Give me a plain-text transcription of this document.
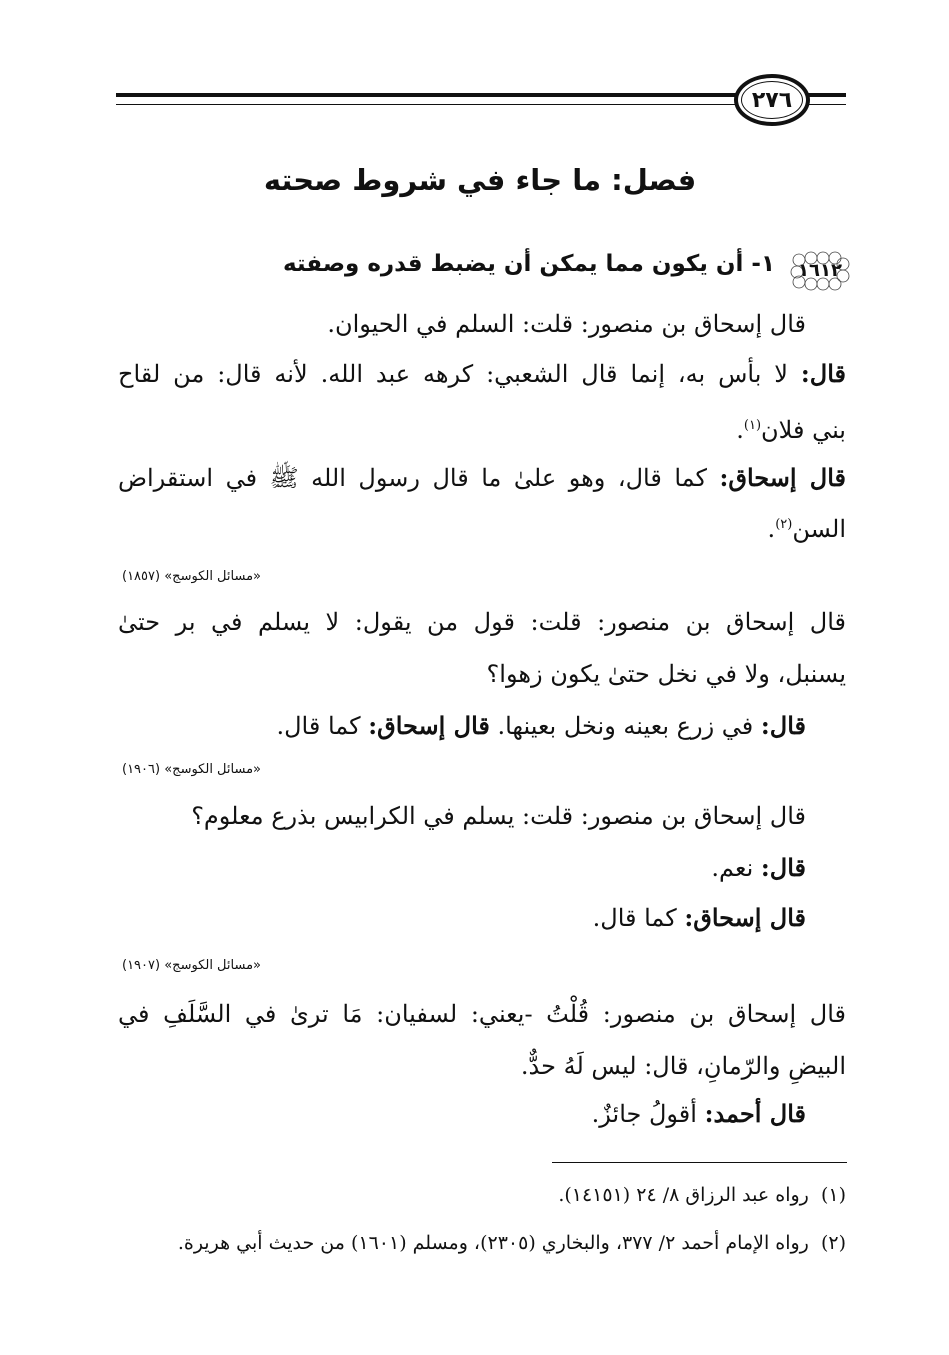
٢٧٦
فصل: ما جاء في شروط صحته
١٦١٢
١- أن يكون مما يمكن أن يضبط قدره وصفته
قال إسحاق بن منصور: قلت: السلم في الحيوان.
قال: لا بأس به، إنما قال الشعبي: كرهه عبد الله. لأنه قال: من لقاح
بني فلان$^{(١)}$.
قال إسحاق: كما قال، وهو علىٰ ما قال رسول الله ﷺ في استقراض
السن$^{(٢)}$.
«مسائل الكوسج» (١٨٥٧)
قال إسحاق بن منصور: قلت: قول من يقول: لا يسلم في بر حتىٰ
يسنبل، ولا في نخل حتىٰ يكون زهوا؟
قال: في زرع بعينه ونخل بعينها. قال إسحاق: كما قال.
«مسائل الكوسج» (١٩٠٦)
قال إسحاق بن منصور: قلت: يسلم في الكرابيس بذرع معلوم؟
قال: نعم.
قال إسحاق: كما قال.
«مسائل الكوسج» (١٩٠٧)
قال إسحاق بن منصور: قُلْتُ -يعني: لسفيان: مَا ترىٰ في السَّلَفِ في
البيضِ والرّمانِ، قال: ليس لَهُ حدٌّ.
قال أحمد: أقولُ جائزٌ.
(١)  رواه عبد الرزاق ٨/ ٢٤ (١٤١٥١).
(٢)  رواه الإمام أحمد ٢/ ٣٧٧، والبخاري (٢٣٠٥)، ومسلم (١٦٠١) من حديث أبي هريرة.
